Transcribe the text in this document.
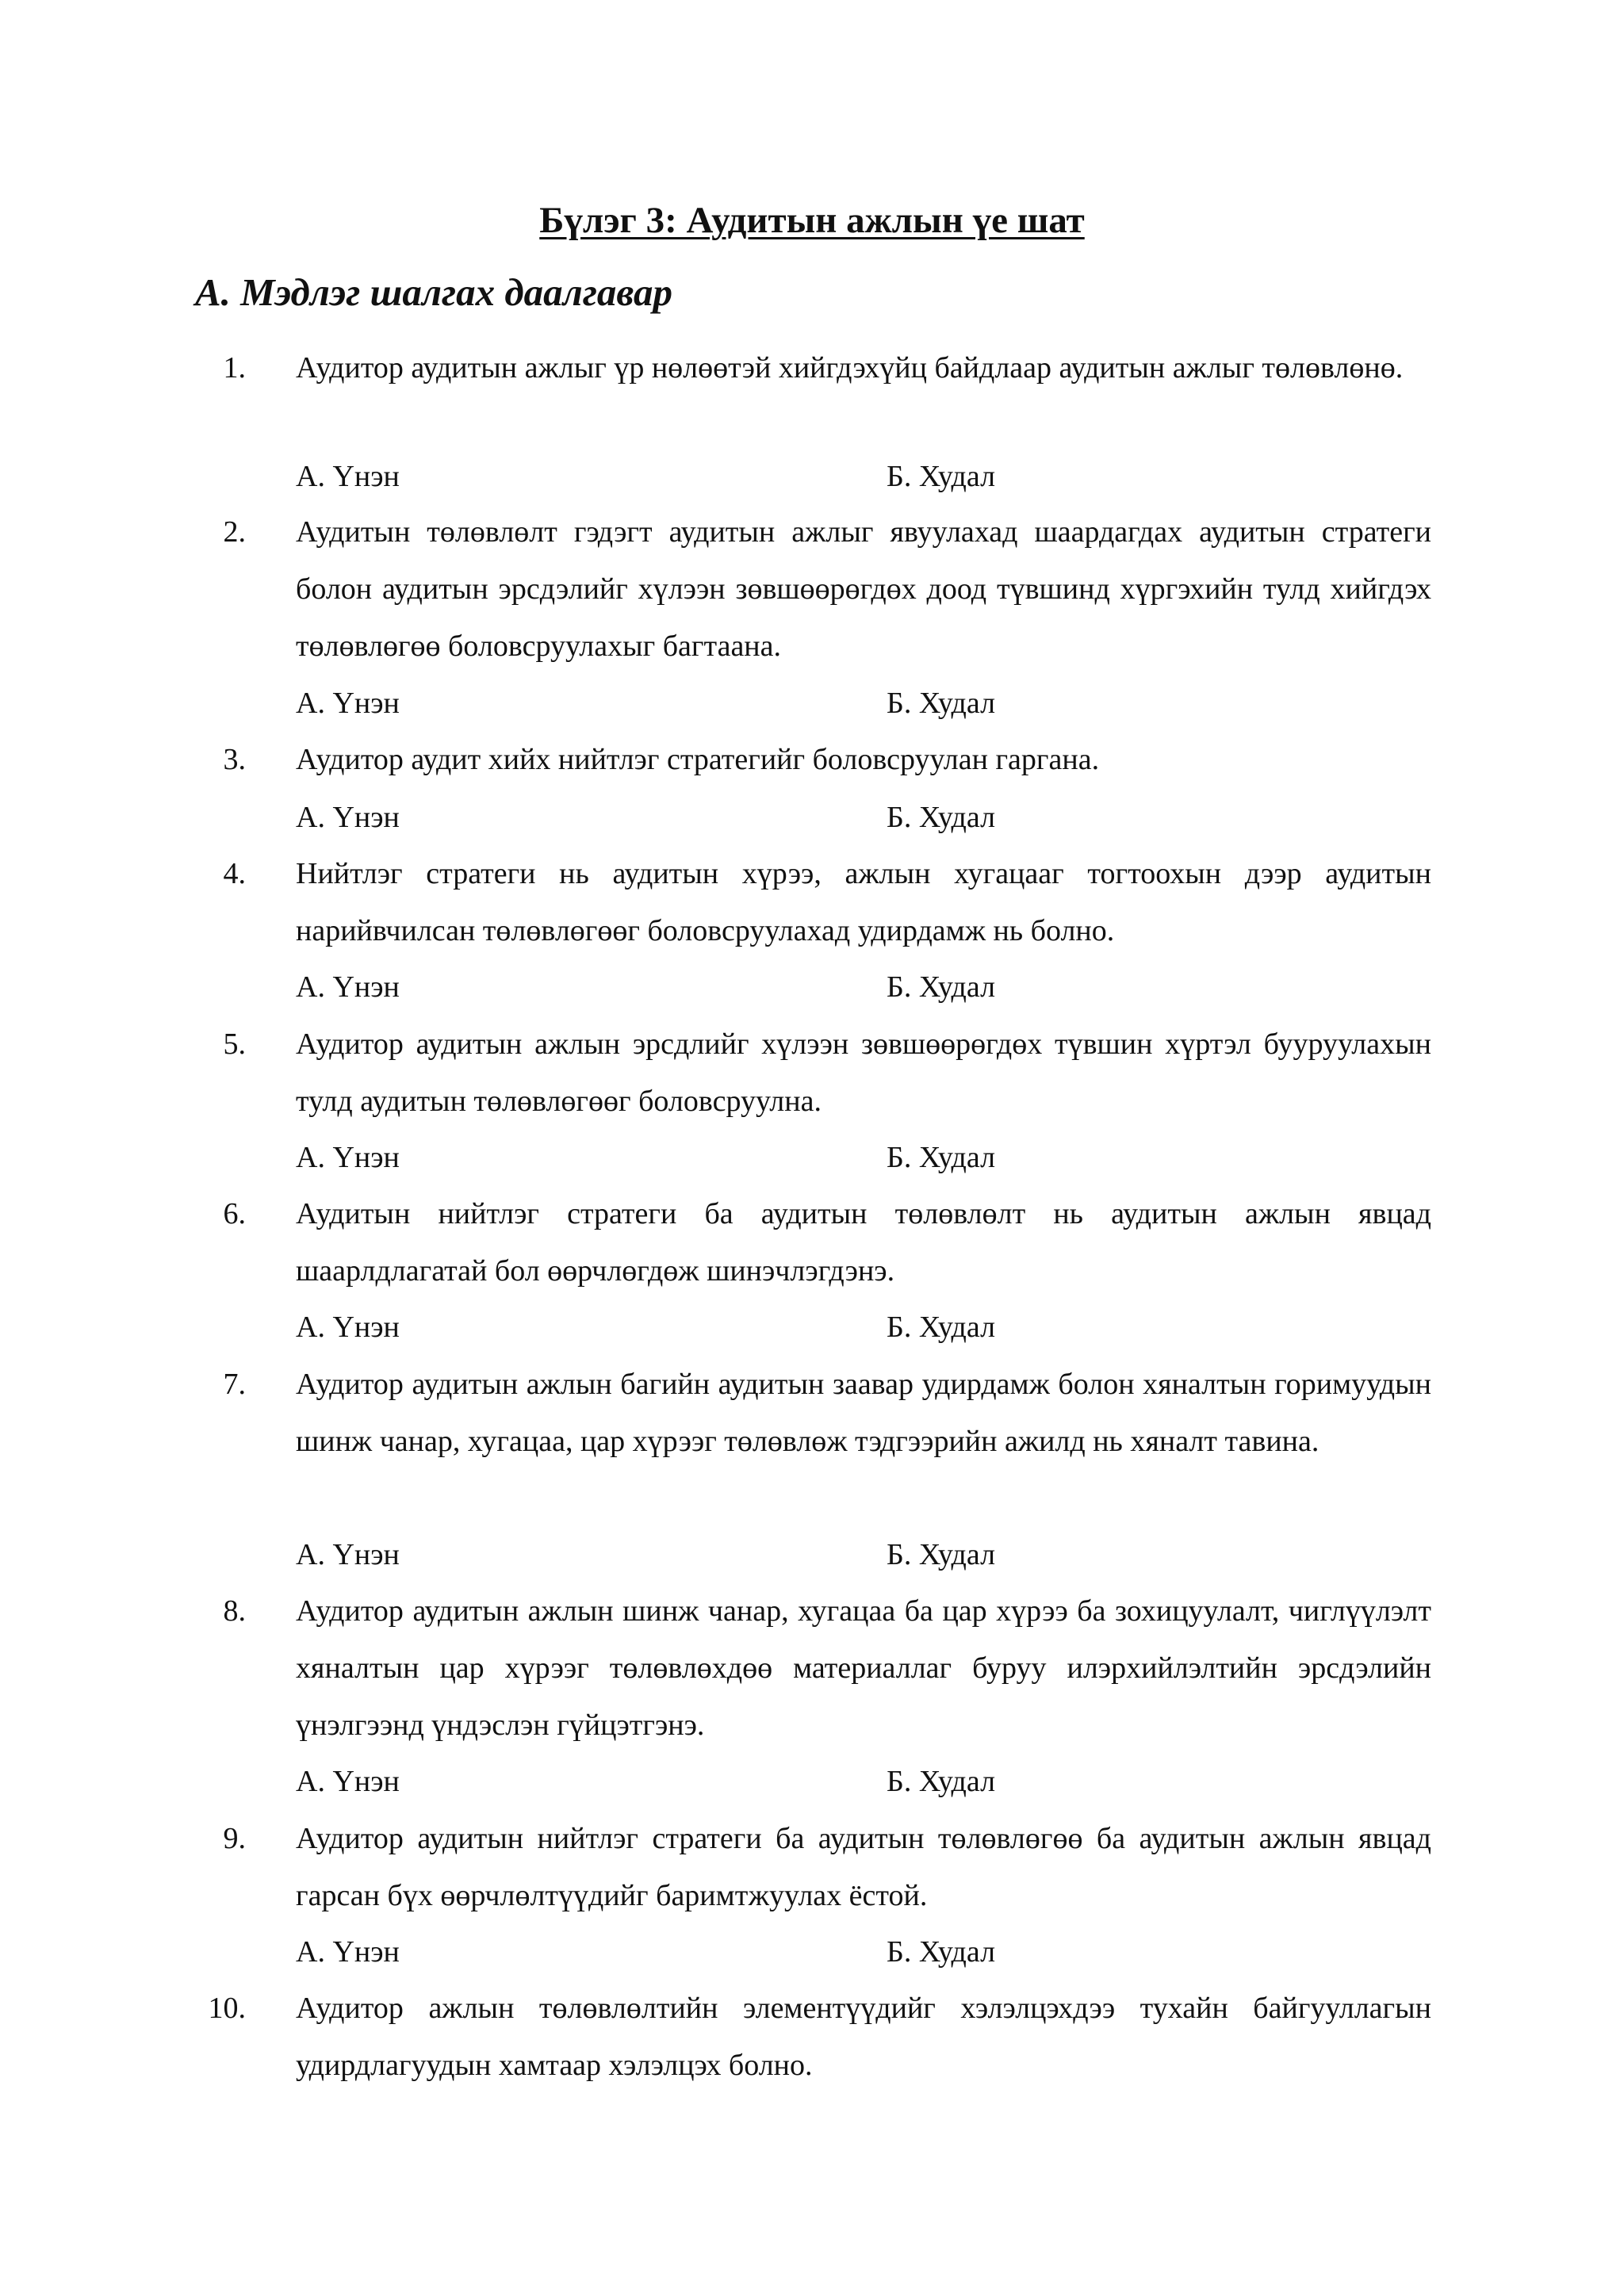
Бүлэг 3: Аудитын ажлын үе шат
А. Мэдлэг шалгах даалгавар
1. Аудитор аудитын ажлыг үр нөлөөтэй хийгдэхүйц байдлаар аудитын ажлыг төлөвлөнө.

А. Үнэн	Б. Худал
2. Аудитын төлөвлөлт гэдэгт аудитын ажлыг явуулахад шаардагдах аудитын стратеги болон аудитын эрсдэлийг хүлээн зөвшөөрөгдөх доод түвшинд хүргэхийн тулд хийгдэх төлөвлөгөө боловсруулахыг багтаана.

А. Үнэн	Б. Худал
3. Аудитор аудит хийх нийтлэг стратегийг боловсруулан гаргана.

А. Үнэн	Б. Худал
4. Нийтлэг стратеги нь аудитын хүрээ, ажлын хугацааг тогтоохын дээр аудитын нарийвчилсан төлөвлөгөөг боловсруулахад удирдамж нь болно.

А. Үнэн	Б. Худал
5. Аудитор аудитын ажлын эрсдлийг хүлээн зөвшөөрөгдөх түвшин хүртэл бууруулахын тулд аудитын төлөвлөгөөг боловсруулна.

А. Үнэн	Б. Худал
6. Аудитын нийтлэг стратеги ба аудитын төлөвлөлт нь аудитын ажлын явцад шаарлдлагатай бол өөрчлөгдөж шинэчлэгдэнэ.

А. Үнэн	Б. Худал
7. Аудитор аудитын ажлын багийн аудитын заавар удирдамж болон хяналтын горимуудын шинж чанар, хугацаа, цар хүрээг төлөвлөж тэдгээрийн ажилд нь хяналт тавина.

А. Үнэн	Б. Худал
8. Аудитор аудитын ажлын шинж чанар, хугацаа ба цар хүрээ ба зохицуулалт, чиглүүлэлт хяналтын цар хүрээг төлөвлөхдөө материаллаг буруу илэрхийлэлтийн эрсдэлийн үнэлгээнд үндэслэн гүйцэтгэнэ.

А. Үнэн	Б. Худал
9. Аудитор аудитын нийтлэг стратеги ба аудитын төлөвлөгөө ба аудитын ажлын явцад гарсан бүх өөрчлөлтүүдийг баримтжуулах ёстой.

А. Үнэн	Б. Худал
10. Аудитор ажлын төлөвлөлтийн элементүүдийг хэлэлцэхдээ тухайн байгууллагын удирдлагуудын хамтаар хэлэлцэх болно.
